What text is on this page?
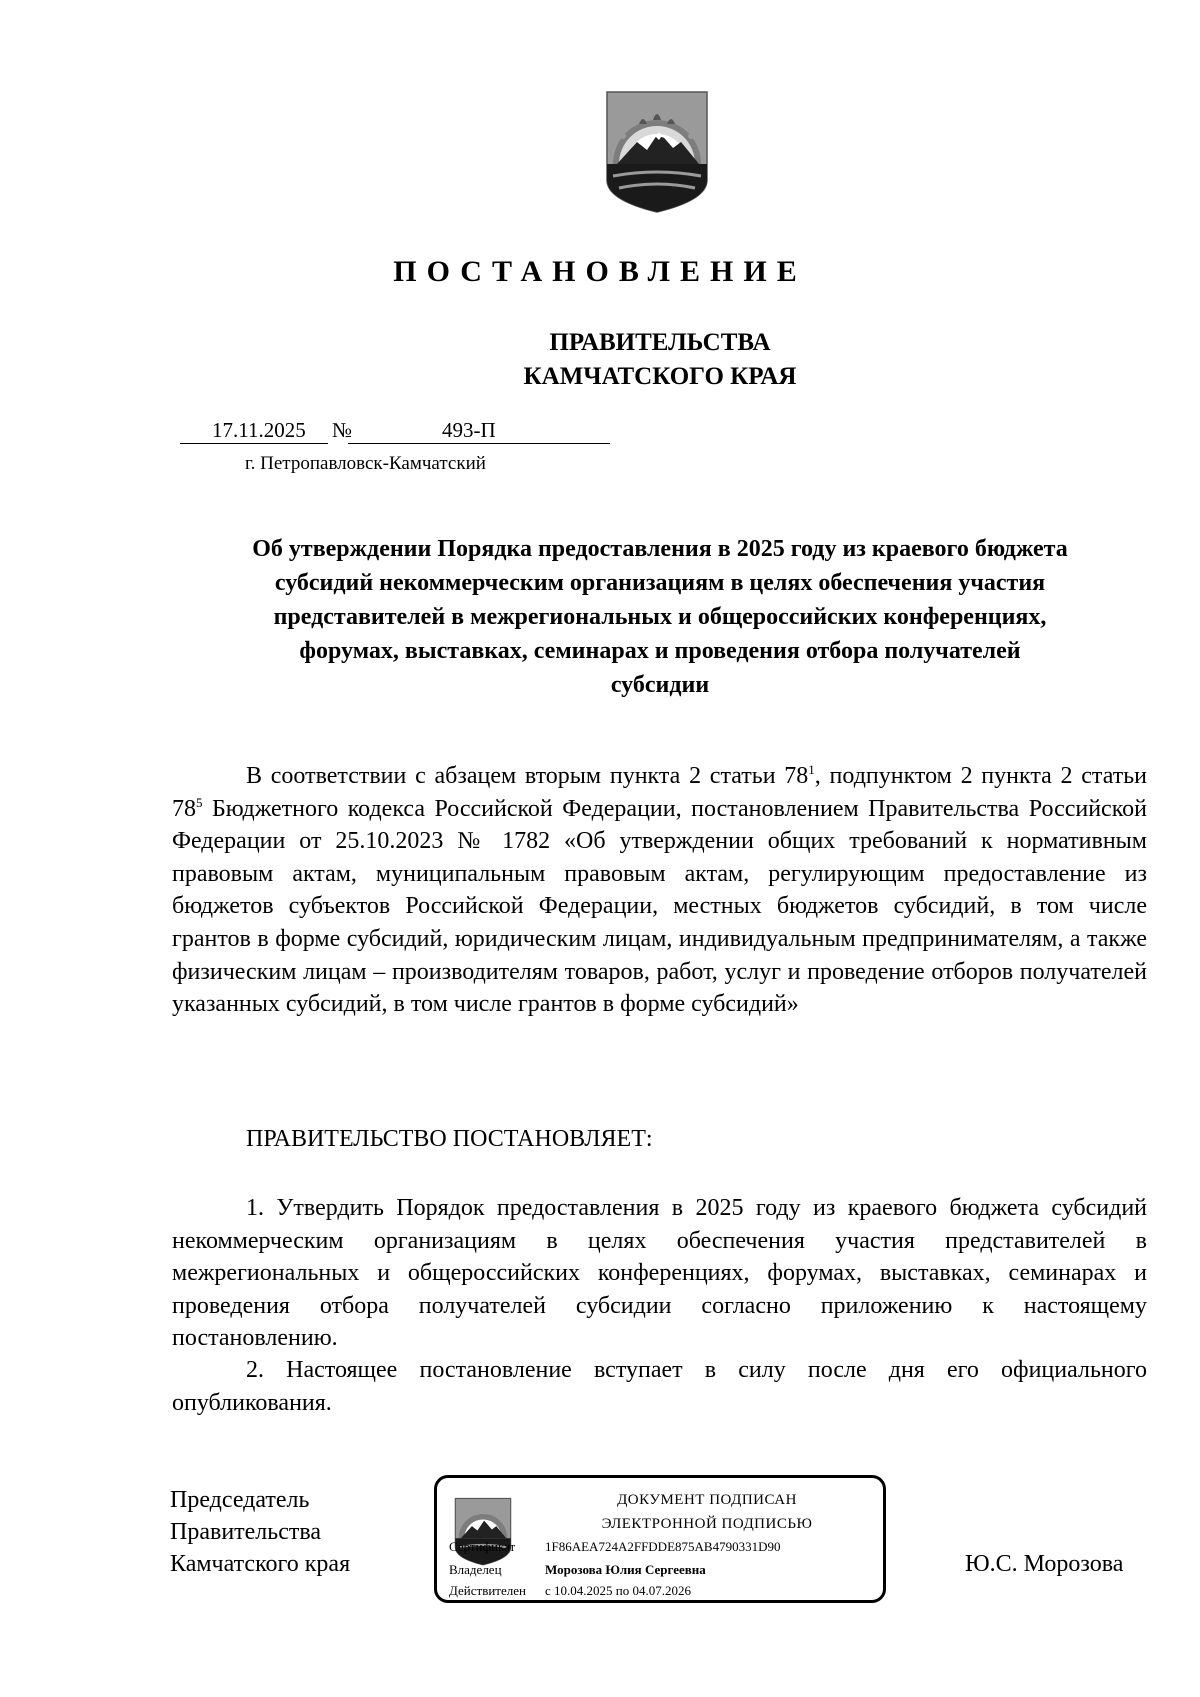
ПОСТАНОВЛЕНИЕ
ПРАВИТЕЛЬСТВА
КАМЧАТСКОГО КРАЯ
17.11.2025 №	493-П
г. Петропавловск-Камчатский
Об утверждении Порядка предоставления в 2025 году из краевого бюджета
субсидий некоммерческим организациям в целях обеспечения участия
представителей в межрегиональных и общероссийских конференциях,
форумах, выставках, семинарах и проведения отбора получателей
субсидии
В соответствии с абзацем вторым пункта 2 статьи $78^1$, подпунктом 2 пункта 2 статьи $78^5$ Бюджетного кодекса Российской Федерации, постановлением Правительства Российской Федерации от 25.10.2023 № 1782 «Об утверждении общих требований к нормативным правовым актам, муниципальным правовым актам, регулирующим предоставление из бюджетов субъектов Российской Федерации, местных бюджетов субсидий, в том числе грантов в форме субсидий, юридическим лицам, индивидуальным предпринимателям, а также физическим лицам – производителям товаров, работ, услуг и проведение отборов получателей указанных субсидий, в том числе грантов в форме субсидий»
ПРАВИТЕЛЬСТВО ПОСТАНОВЛЯЕТ:
1. Утвердить Порядок предоставления в 2025 году из краевого бюджета субсидий некоммерческим организациям в целях обеспечения участия представителей в межрегиональных и общероссийских конференциях, форумах, выставках, семинарах и проведения отбора получателей субсидии согласно приложению к настоящему постановлению.
2. Настоящее постановление вступает в силу после дня его официального опубликования.
Председатель
Правительства
Камчатского края
ДОКУМЕНТ ПОДПИСАН
ЭЛЕКТРОННОЙ ПОДПИСЬЮ
Сертификат 1F86AEA724A2FFDDE875AB4790331D90
Владелец	Морозова Юлия Сергеевна
Действителен с 10.04.2025 по 04.07.2026
Ю.С. Морозова
